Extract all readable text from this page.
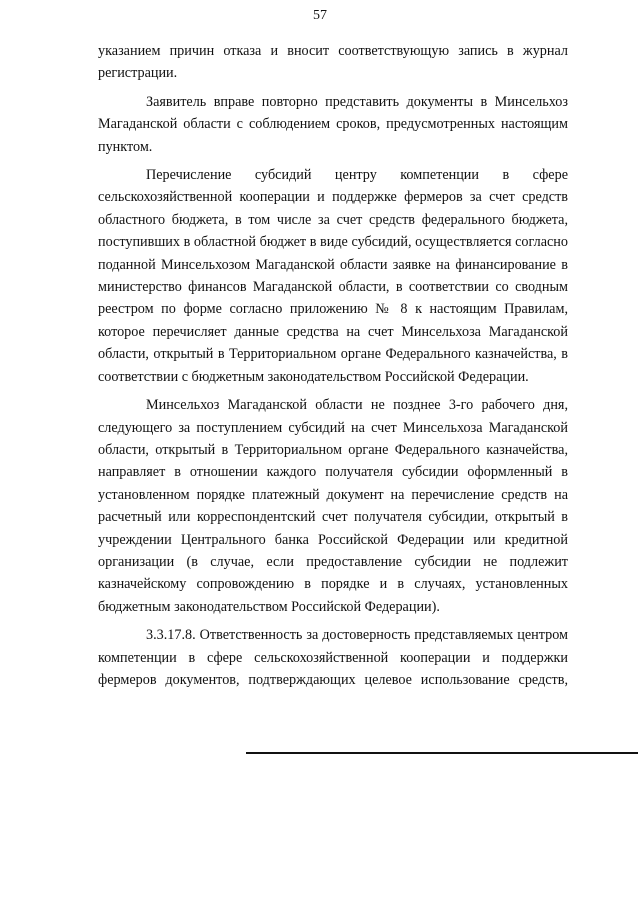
57

указанием причин отказа и вносит соответствующую запись в журнал регистрации.

Заявитель вправе повторно представить документы в Минсельхоз Магаданской области с соблюдением сроков, предусмотренных настоящим пунктом.

Перечисление субсидий центру компетенции в сфере сельскохозяйственной кооперации и поддержке фермеров за счет средств областного бюджета, в том числе за счет средств федерального бюджета, поступивших в областной бюджет в виде субсидий, осуществляется согласно поданной Минсельхозом Магаданской области заявке на финансирование в министерство финансов Магаданской области, в соответствии со сводным реестром по форме согласно приложению № 8 к настоящим Правилам, которое перечисляет данные средства на счет Минсельхоза Магаданской области, открытый в Территориальном органе Федерального казначейства, в соответствии с бюджетным законодательством Российской Федерации.

Минсельхоз Магаданской области не позднее 3-го рабочего дня, следующего за поступлением субсидий на счет Минсельхоза Магаданской области, открытый в Территориальном органе Федерального казначейства, направляет в отношении каждого получателя субсидии оформленный в установленном порядке платежный документ на перечисление средств на расчетный или корреспондентский счет получателя субсидии, открытый в учреждении Центрального банка Российской Федерации или кредитной организации (в случае, если предоставление субсидии не подлежит казначейскому сопровождению в порядке и в случаях, установленных бюджетным законодательством Российской Федерации).

3.3.17.8. Ответственность за достоверность представляемых центром компетенции в сфере сельскохозяйственной кооперации и поддержки фермеров документов, подтверждающих целевое использование средств,
